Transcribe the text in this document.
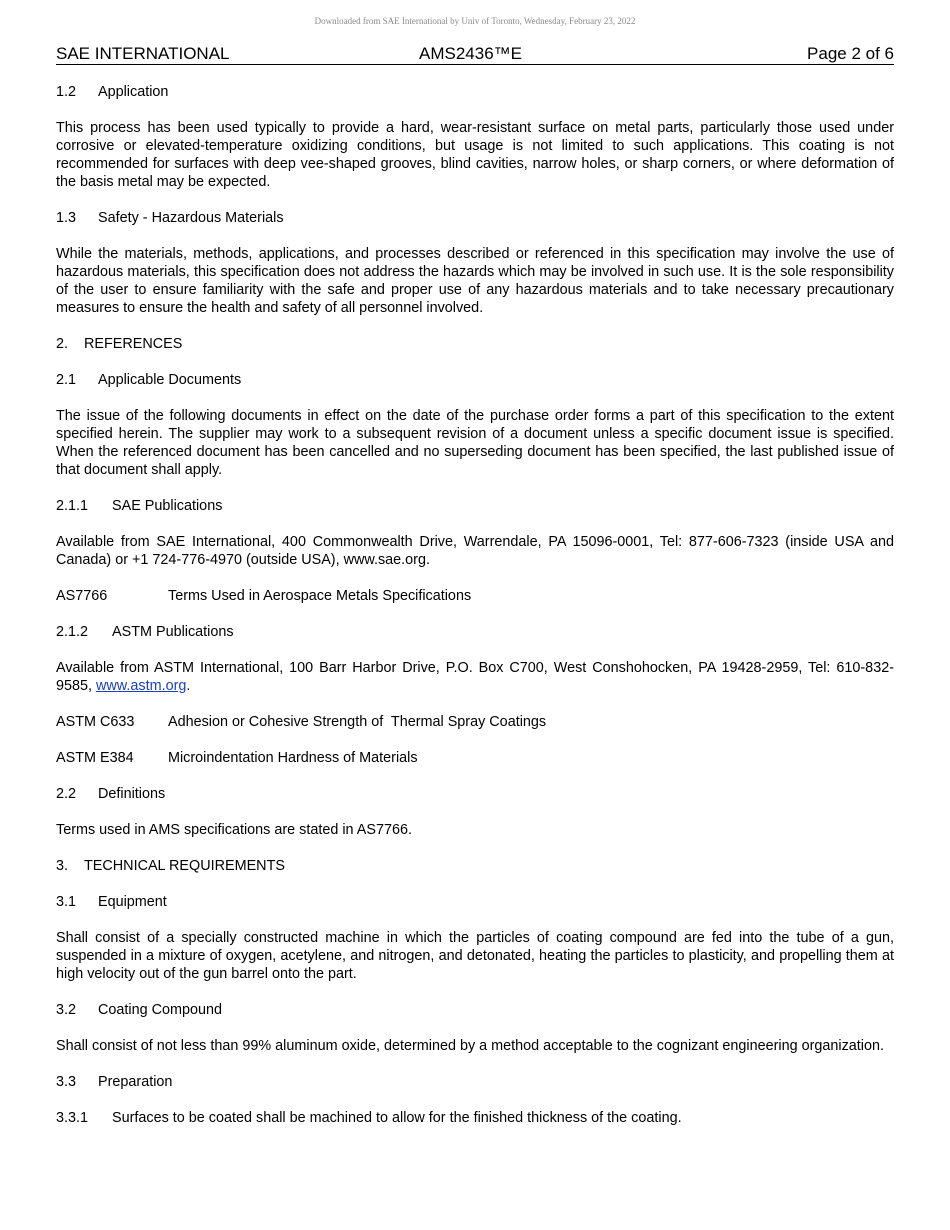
Downloaded from SAE International by Univ of Toronto, Wednesday, February 23, 2022
SAE INTERNATIONAL	AMS2436™E	Page 2 of 6
1.2 Application

This process has been used typically to provide a hard, wear-resistant surface on metal parts, particularly those used under corrosive or elevated-temperature oxidizing conditions, but usage is not limited to such applications. This coating is not recommended for surfaces with deep vee-shaped grooves, blind cavities, narrow holes, or sharp corners, or where deformation of the basis metal may be expected.

1.3 Safety - Hazardous Materials

While the materials, methods, applications, and processes described or referenced in this specification may involve the use of hazardous materials, this specification does not address the hazards which may be involved in such use. It is the sole responsibility of the user to ensure familiarity with the safe and proper use of any hazardous materials and to take necessary precautionary measures to ensure the health and safety of all personnel involved.

2. REFERENCES
2.1 Applicable Documents

The issue of the following documents in effect on the date of the purchase order forms a part of this specification to the extent specified herein. The supplier may work to a subsequent revision of a document unless a specific document issue is specified. When the referenced document has been cancelled and no superseding document has been specified, the last published issue of that document shall apply.

2.1.1 SAE Publications

Available from SAE International, 400 Commonwealth Drive, Warrendale, PA 15096-0001, Tel: 877-606-7323 (inside USA and Canada) or +1 724-776-4970 (outside USA), www.sae.org.

AS7766	Terms Used in Aerospace Metals Specifications
2.1.2 ASTM Publications

Available from ASTM International, 100 Barr Harbor Drive, P.O. Box C700, West Conshohocken, PA 19428-2959, Tel: 610-832-9585, www.astm.org.

ASTM C633 Adhesion or Cohesive Strength of  Thermal Spray Coatings
ASTM E384 Microindentation Hardness of Materials
2.2 Definitions

Terms used in AMS specifications are stated in AS7766.

3. TECHNICAL REQUIREMENTS
3.1 Equipment

Shall consist of a specially constructed machine in which the particles of coating compound are fed into the tube of a gun, suspended in a mixture of oxygen, acetylene, and nitrogen, and detonated, heating the particles to plasticity, and propelling them at high velocity out of the gun barrel onto the part.

3.2 Coating Compound

Shall consist of not less than 99% aluminum oxide, determined by a method acceptable to the cognizant engineering organization.

3.3 Preparation
3.3.1 Surfaces to be coated shall be machined to allow for the finished thickness of the coating.
